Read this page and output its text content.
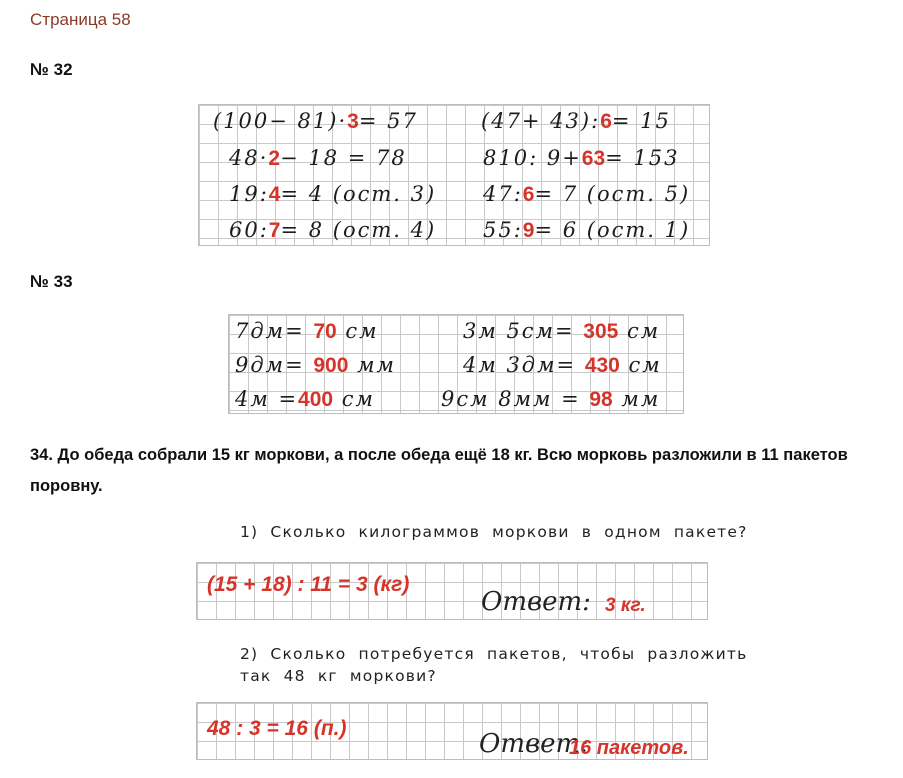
Страница 58
№ 32
(100− 81)·3= 57	(47+ 43):6= 15
48·2− 18 = 78	810: 9+63= 153
19:4= 4 (ост. 3) 47:6= 7 (ост. 5)
60:7= 8 (ост. 4) 55:9= 6 (ост. 1)
№ 33
7дм= 70 см	3м 5см= 305 см
9дм= 900 мм	4м 3дм= 430 см
4м =400 см	9см 8мм = 98 мм
34. До обеда собрали 15 кг моркови, а после обеда ещё 18 кг. Всю морковь разложили в 11 пакетов поровну.
1) Сколько килограммов моркови в одном пакете?
(15 + 18) : 11 = 3 (кг)
Ответ: 3 кг.
2) Сколько потребуется пакетов, чтобы разложить
так 48 кг моркови?
48 : 3 = 16 (п.)
Ответ:
16 пакетов.
